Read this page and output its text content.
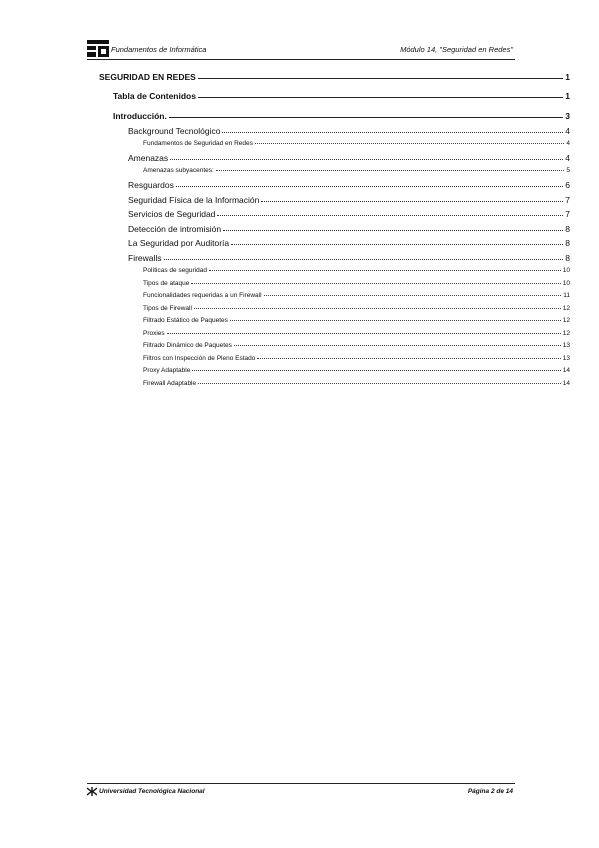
Fundamentos de Informática	Módulo 14, "Seguridad en Redes"
SEGURIDAD EN REDES	1
Tabla de Contenidos	1
Introducción.	3
Background Tecnológico	4
Fundamentos de Seguridad en Redes	4
Amenazas	4
Amenazas subyacentes:	5
Resguardos	6
Seguridad Física de la Información	7
Servicios de Seguridad	7
Detección de intromisión	8
La Seguridad por Auditoría	8
Firewalls	8
Políticas de seguridad	10
Tipos de ataque	10
Funcionalidades requeridas a un Firewall	11
Tipos de Firewall	12
Filtrado Estático de Paquetes	12
Proxies	12
Filtrado Dinámico de Paquetes	13
Filtros con Inspección de Pleno Estado	13
Proxy Adaptable	14
Firewall Adaptable	14
Universidad Tecnológica Nacional	Página 2 de 14
